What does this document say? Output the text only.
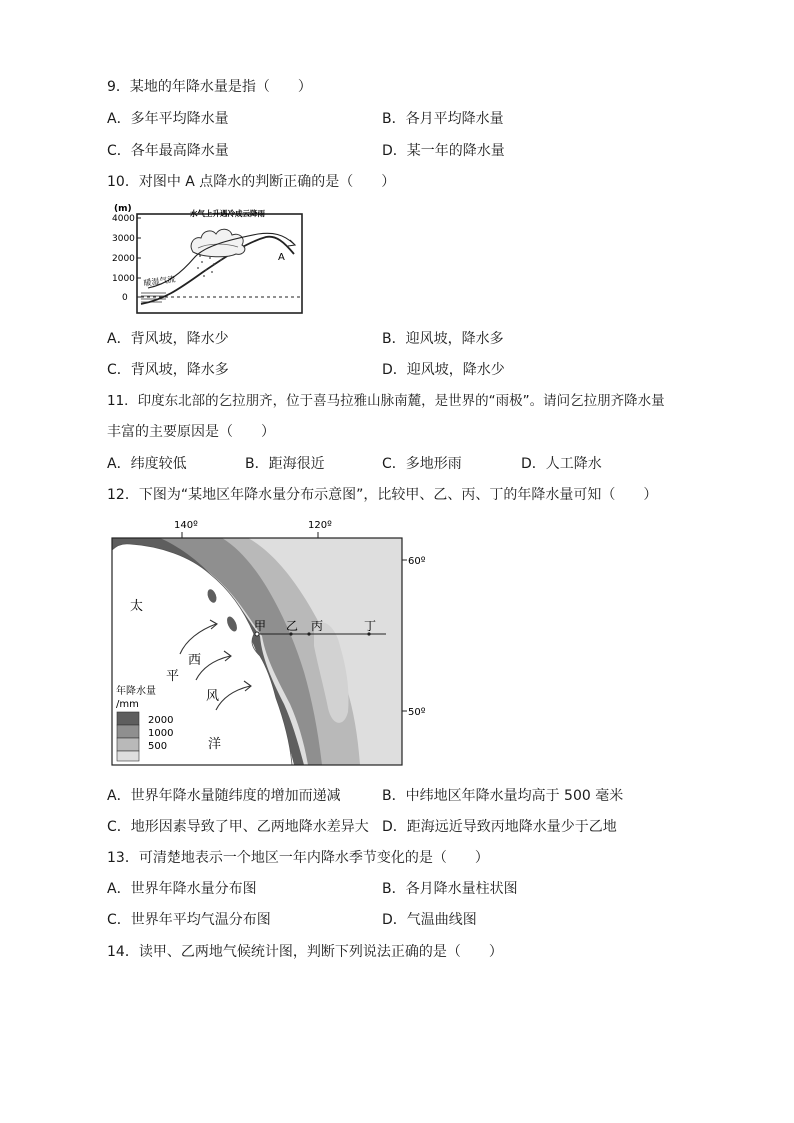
9．某地的年降水量是指（　　）
A．多年平均降水量	B．各月平均降水量
C．各年最高降水量	D．某一年的降水量
10．对图中 A 点降水的判断正确的是（　　）
(m)
4000
3000
2000
1000
0
暖湿气流
水气上升遇冷成云降雨
A
A．背风坡，降水少	B．迎风坡，降水多
C．背风坡，降水多	D．迎风坡，降水少
11．印度东北部的乞拉朋齐，位于喜马拉雅山脉南麓，是世界的“雨极”。请问乞拉朋齐降水量
丰富的主要原因是（　　）
A．纬度较低	B．距海很近	C．多地形雨	D．人工降水
12．下图为“某地区年降水量分布示意图”，比较甲、乙、丙、丁的年降水量可知（　　）
140º	120º
60º
50º
太
平
洋
西
风
甲 乙 丙	丁
年降水量
/mm
2000
1000
500
A．世界年降水量随纬度的增加而递减	B．中纬地区年降水量均高于 500 毫米
C．地形因素导致了甲、乙两地降水差异大 D．距海远近导致丙地降水量少于乙地
13．可清楚地表示一个地区一年内降水季节变化的是（　　）
A．世界年降水量分布图	B．各月降水量柱状图
C．世界年平均气温分布图	D．气温曲线图
14．读甲、乙两地气候统计图，判断下列说法正确的是（　　）
